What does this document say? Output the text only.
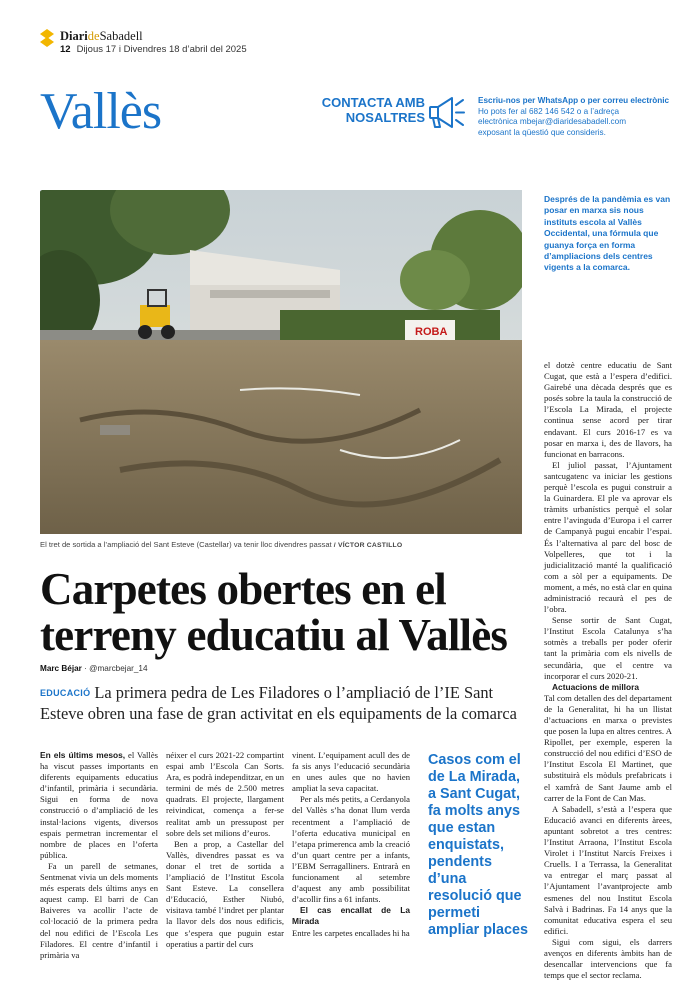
DiarideSabadell
12 Dijous 17 i Divendres 18 d’abril del 2025
Vallès	CONTACTA AMB
NOSALTRES
Escriu-nos per WhatsApp o per correu electrònic
Ho pots fer al 682 146 542 o a l’adreça
electrònica mbejar@diaridesabadell.com
exposant la qüestió que consideris.
ROBA
El tret de sortida a l’ampliació del Sant Esteve (Castellar) va tenir lloc divendres passat / VÍCTOR CASTILLO
Després de la pandèmia es van posar en marxa sis nous instituts escola al Vallès Occidental, una fórmula que guanya força en forma d’ampliacions dels centres vigents a la comarca.
Carpetes obertes en el terreny educatiu al Vallès
Marc Béjar · @marcbejar_14
EDUCACIÓ La primera pedra de Les Filadores o l’ampliació de l’IE Sant Esteve obren una fase de gran activitat en els equipaments de la comarca

En els últims mesos, el Vallès ha viscut passes importants en diferents equipaments educatius d’infantil, primària i secundària. Sigui en forma de nova construcció o d’ampliació de les instal·lacions vigents, diversos espais permetran incrementar el nombre de places en l’oferta pública.

Fa un parell de setmanes, Sentmenat vivia un dels moments més esperats dels últims anys en aquest camp. El barri de Can Baiveres va acollir l’acte de col·locació de la primera pedra del nou edifici de l’Escola Les Filadores. El centre d’infantil i primària va

néixer el curs 2021-22 compartint espai amb l’Escola Can Sorts. Ara, es podrà independitzar, en un termini de més de 2.500 metres quadrats. El projecte, llargament reivindicat, comença a fer-se realitat amb un pressupost per sobre dels set milions d’euros.

Ben a prop, a Castellar del Vallès, divendres passat es va donar el tret de sortida a l’ampliació de l’Institut Escola Sant Esteve. La consellera d’Educació, Esther Niubó, visitava també l’indret per plantar la llavor dels dos nous edificis, que s’espera que puguin estar operatius a partir del curs

vinent. L’equipament acull des de fa sis anys l’educació secundària en unes aules que no havien ampliat la seva capacitat.

Per als més petits, a Cerdanyola del Vallès s’ha donat llum verda recentment a l’ampliació de l’oferta educativa municipal en l’etapa primerenca amb la creació d’un quart centre per a infants, l’EBM Serragalliners. Entrarà en funcionament al setembre d’aquest any amb possibilitat d’acollir fins a 61 infants.

El cas encallat de La Mirada

Entre les carpetes encallades hi ha

Casos com el de La Mirada, a Sant Cugat, fa molts anys que estan enquistats, pendents d’una resolució que permeti ampliar places

el dotzè centre educatiu de Sant Cugat, que està a l’espera d’edifici. Gairebé una dècada després que es posés sobre la taula la construcció de l’Escola La Mirada, el projecte continua sense acord per tirar endavant. El curs 2016-17 es va posar en marxa i, des de llavors, ha funcionat en barracons.

El juliol passat, l’Ajuntament santcugatenc va iniciar les gestions perquè l’escola es pugui construir a la Guinardera. El ple va aprovar els tràmits urbanístics perquè el solar entre l’avinguda d’Europa i el carrer de Campanyà pugui encabir l’espai. És l’alternativa al parc del bosc de Volpelleres, que tot i la judicialització manté la qualificació com a sòl per a equipaments. De moment, a més, no està clar en quina administració recaurà el pes de l’obra.

Sense sortir de Sant Cugat, l’Institut Escola Catalunya s’ha sotmès a treballs per poder oferir tant la primària com els nivells de secundària, que el centre va incorporar el curs 2020-21.

Actuacions de millora

Tal com detallen des del departament de la Generalitat, hi ha un llistat d’actuacions en marxa o previstes que posen la lupa en altres centres. A Ripollet, per exemple, esperen la construcció del nou edifici d’ESO de l’Institut Escola El Martinet, que substituirà els mòduls prefabricats i el xamfrà de Sant Jaume amb el carrer de la Font de Can Mas.

A Sabadell, s’està a l’espera que Educació avanci en diferents àrees, apuntant sobretot a tres centres: l’Institut Arraona, l’Institut Escola Virolet i l’Institut Narcís Freixes i Cruells. I a Terrassa, la Generalitat va entregar el març passat al l’Ajuntament l’avantprojecte amb esmenes del nou Institut Escola Salvà i Badrinas. Fa 14 anys que la comunitat educativa espera el seu edifici.

Sigui com sigui, els darrers avenços en diferents àmbits han de desencallar intervencions que fa temps que el sector reclama.
